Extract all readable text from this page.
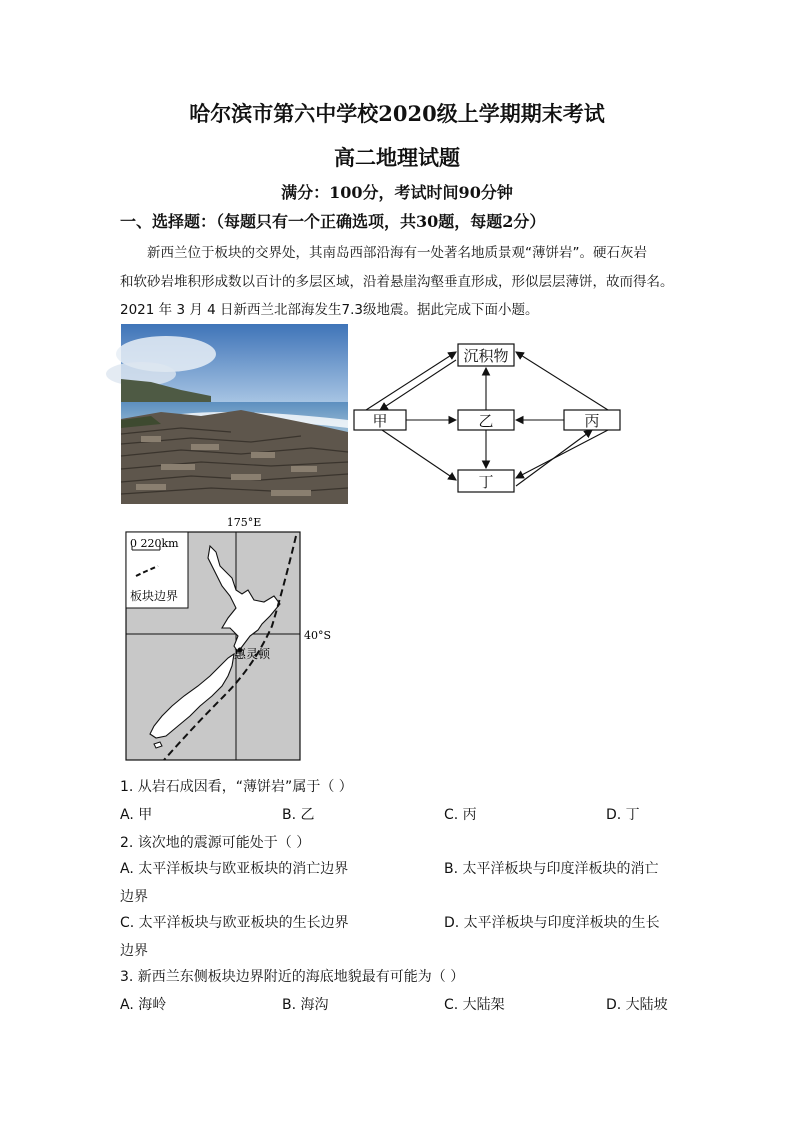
哈尔滨市第六中学校2020级上学期期末考试
高二地理试题
满分：100分，考试时间90分钟
一、选择题：（每题只有一个正确选项，共30题，每题2分）
新西兰位于板块的交界处，其南岛西部沿海有一处著名地质景观“薄饼岩”。硬石灰岩
和软砂岩堆积形成数以百计的多层区域，沿着悬崖沟壑垂直形成，形似层层薄饼，故而得名。
2021 年 3 月 4 日新西兰北部海发生7.3级地震。据此完成下面小题。
沉积物
甲	乙	丙
丁
175°E
0 220km
板块边界
40°S
惠灵顿
1. 从岩石成因看，“薄饼岩”属于（ ）
A. 甲	B. 乙	C. 丙	D. 丁
2. 该次地的震源可能处于（ ）
A. 太平洋板块与欧亚板块的消亡边界	B. 太平洋板块与印度洋板块的消亡
边界
C. 太平洋板块与欧亚板块的生长边界	D. 太平洋板块与印度洋板块的生长
边界
3. 新西兰东侧板块边界附近的海底地貌最有可能为（ ）
A. 海岭	B. 海沟	C. 大陆架	D. 大陆坡
